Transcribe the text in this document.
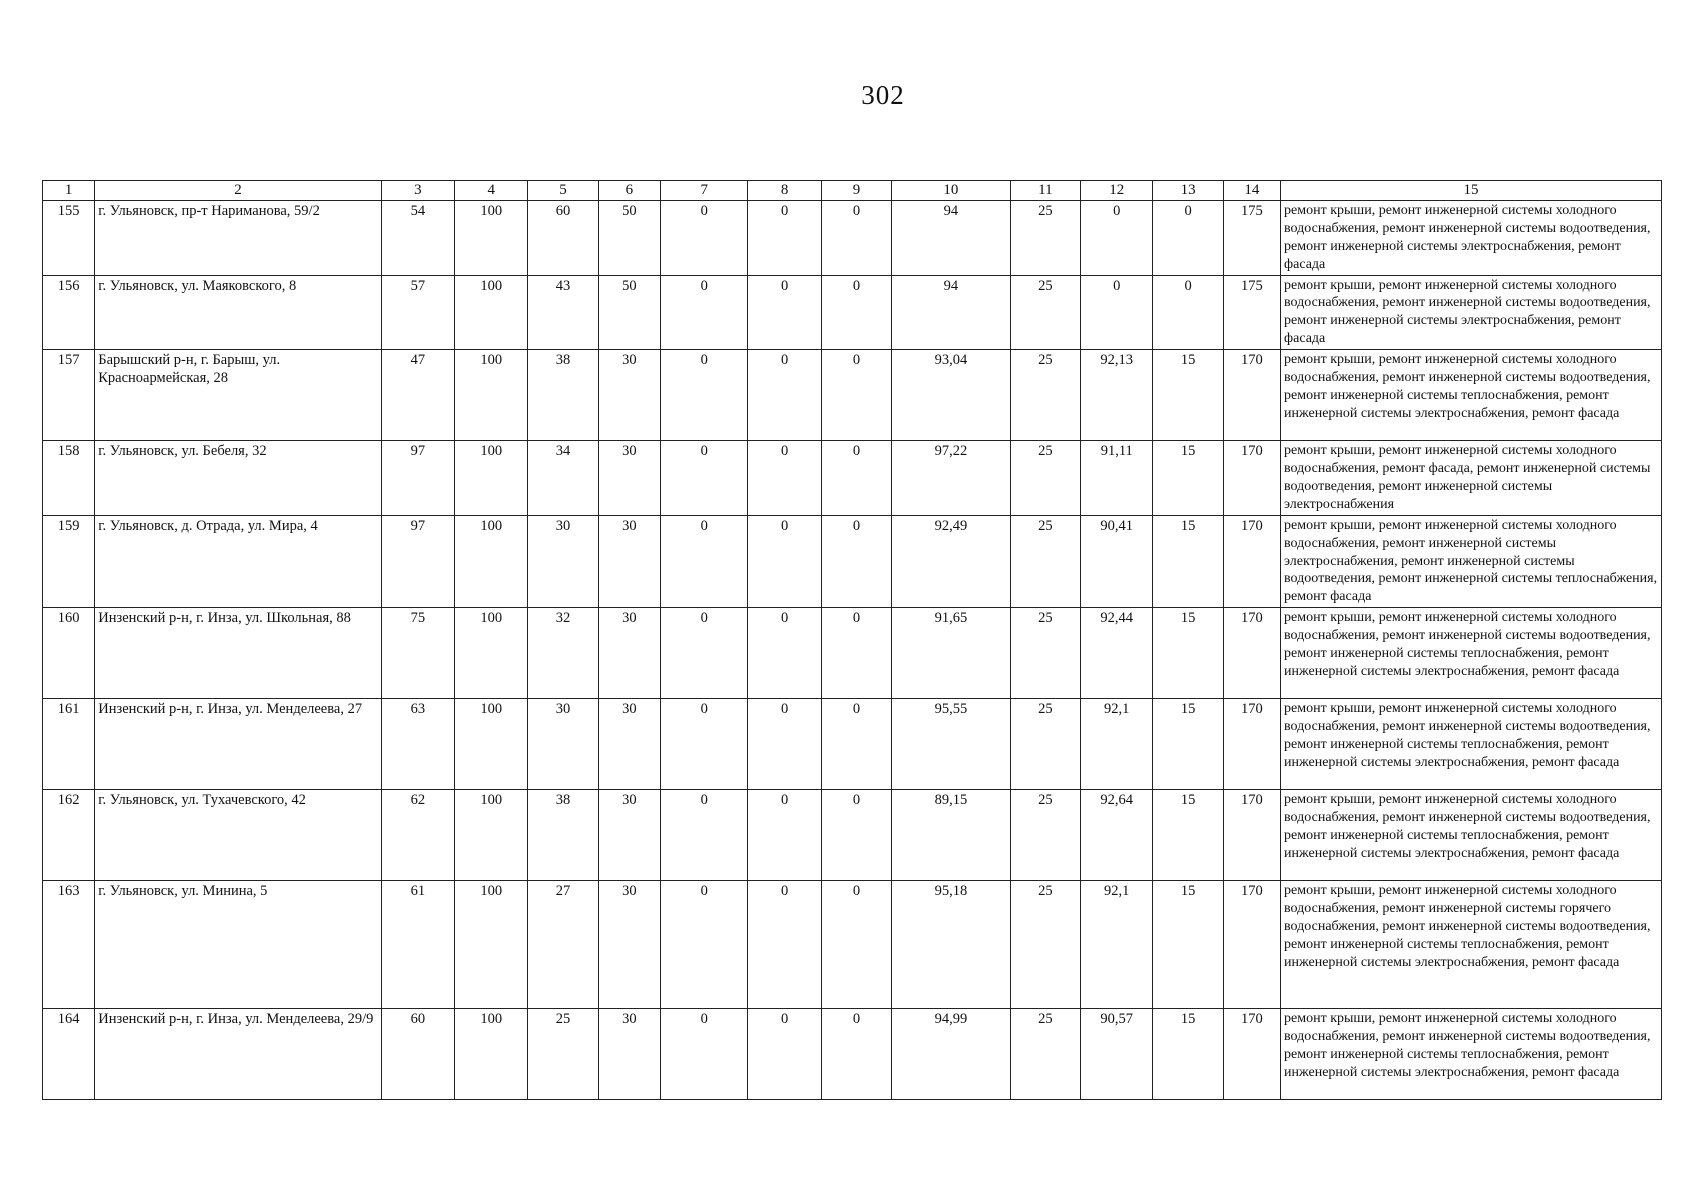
302
1	2	3	4	5	6	7	8	9	10	11	12	13	14	15
155	г. Ульяновск, пр-т Нариманова, 59/2	54	100	60	50	0	0	0	94	25	0	0	175	ремонт крыши, ремонт инженерной системы холодного водоснабжения, ремонт инженерной системы водоотведения, ремонт инженерной системы электроснабжения, ремонт фасада
156	г. Ульяновск, ул. Маяковского, 8	57	100	43	50	0	0	0	94	25	0	0	175	ремонт крыши, ремонт инженерной системы холодного водоснабжения, ремонт инженерной системы водоотведения, ремонт инженерной системы электроснабжения, ремонт фасада
157	Барышский р-н, г. Барыш, ул. Красноармейская, 28	47	100	38	30	0	0	0	93,04	25	92,13	15	170	ремонт крыши, ремонт инженерной системы холодного водоснабжения, ремонт инженерной системы водоотведения, ремонт инженерной системы теплоснабжения, ремонт инженерной системы электроснабжения, ремонт фасада
158	г. Ульяновск, ул. Бебеля, 32	97	100	34	30	0	0	0	97,22	25	91,11	15	170	ремонт крыши, ремонт инженерной системы холодного водоснабжения, ремонт фасада, ремонт инженерной системы водоотведения, ремонт инженерной системы электроснабжения
159	г. Ульяновск, д. Отрада, ул. Мира, 4	97	100	30	30	0	0	0	92,49	25	90,41	15	170	ремонт крыши, ремонт инженерной системы холодного водоснабжения, ремонт инженерной системы электроснабжения, ремонт инженерной системы водоотведения, ремонт инженерной системы теплоснабжения, ремонт фасада
160	Инзенский р-н, г. Инза, ул. Школьная, 88	75	100	32	30	0	0	0	91,65	25	92,44	15	170	ремонт крыши, ремонт инженерной системы холодного водоснабжения, ремонт инженерной системы водоотведения, ремонт инженерной системы теплоснабжения, ремонт инженерной системы электроснабжения, ремонт фасада
161	Инзенский р-н, г. Инза, ул. Менделеева, 27	63	100	30	30	0	0	0	95,55	25	92,1	15	170	ремонт крыши, ремонт инженерной системы холодного водоснабжения, ремонт инженерной системы водоотведения, ремонт инженерной системы теплоснабжения, ремонт инженерной системы электроснабжения, ремонт фасада
162	г. Ульяновск, ул. Тухачевского, 42	62	100	38	30	0	0	0	89,15	25	92,64	15	170	ремонт крыши, ремонт инженерной системы холодного водоснабжения, ремонт инженерной системы водоотведения, ремонт инженерной системы теплоснабжения, ремонт инженерной системы электроснабжения, ремонт фасада
163	г. Ульяновск, ул. Минина, 5	61	100	27	30	0	0	0	95,18	25	92,1	15	170	ремонт крыши, ремонт инженерной системы холодного водоснабжения, ремонт инженерной системы горячего водоснабжения, ремонт инженерной системы водоотведения, ремонт инженерной системы теплоснабжения, ремонт инженерной системы электроснабжения, ремонт фасада
164	Инзенский р-н, г. Инза, ул. Менделеева, 29/9	60	100	25	30	0	0	0	94,99	25	90,57	15	170	ремонт крыши, ремонт инженерной системы холодного водоснабжения, ремонт инженерной системы водоотведения, ремонт инженерной системы теплоснабжения, ремонт инженерной системы электроснабжения, ремонт фасада
